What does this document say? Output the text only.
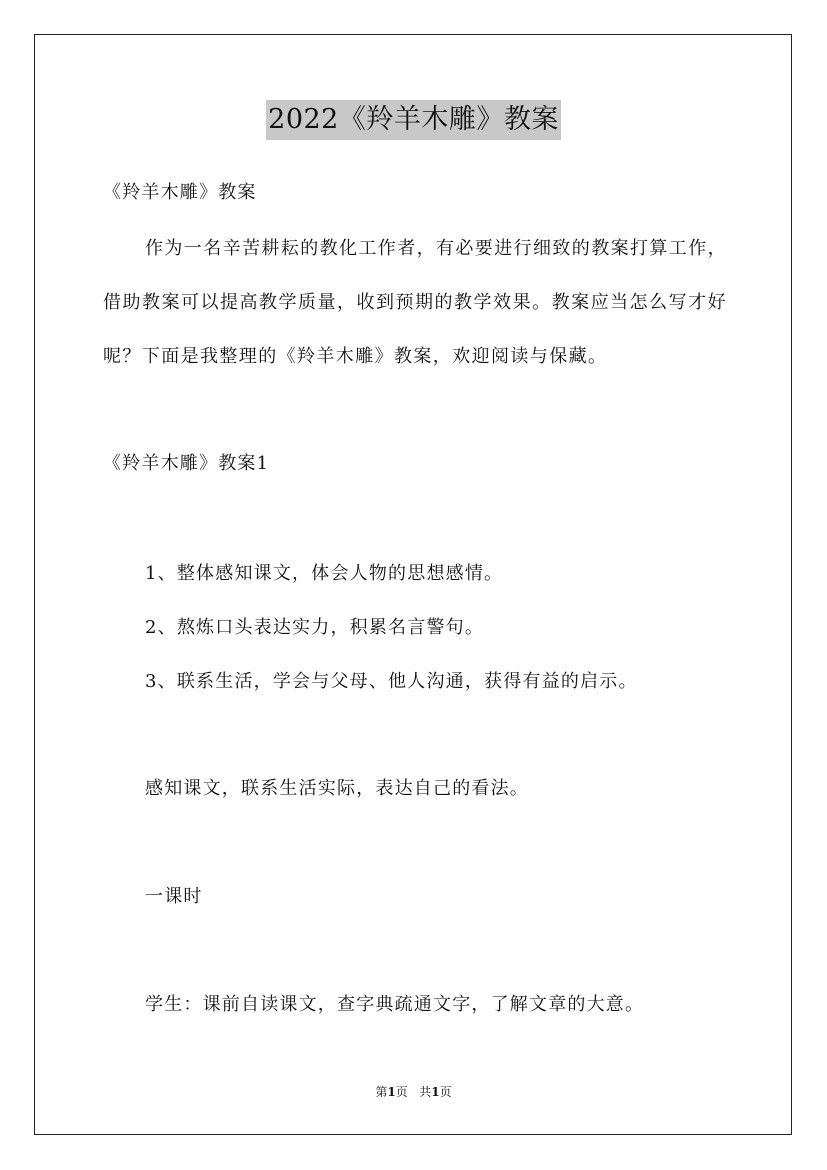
2022《羚羊木雕》教案
《羚羊木雕》教案
作为一名辛苦耕耘的教化工作者，有必要进行细致的教案打算工作，借助教案可以提高教学质量，收到预期的教学效果。教案应当怎么写才好呢？下面是我整理的《羚羊木雕》教案，欢迎阅读与保藏。
《羚羊木雕》教案1
1、整体感知课文，体会人物的思想感情。
2、熬炼口头表达实力，积累名言警句。
3、联系生活，学会与父母、他人沟通，获得有益的启示。
感知课文，联系生活实际，表达自己的看法。
一课时
学生：课前自读课文，查字典疏通文字，了解文章的大意。
第1页   共1页
